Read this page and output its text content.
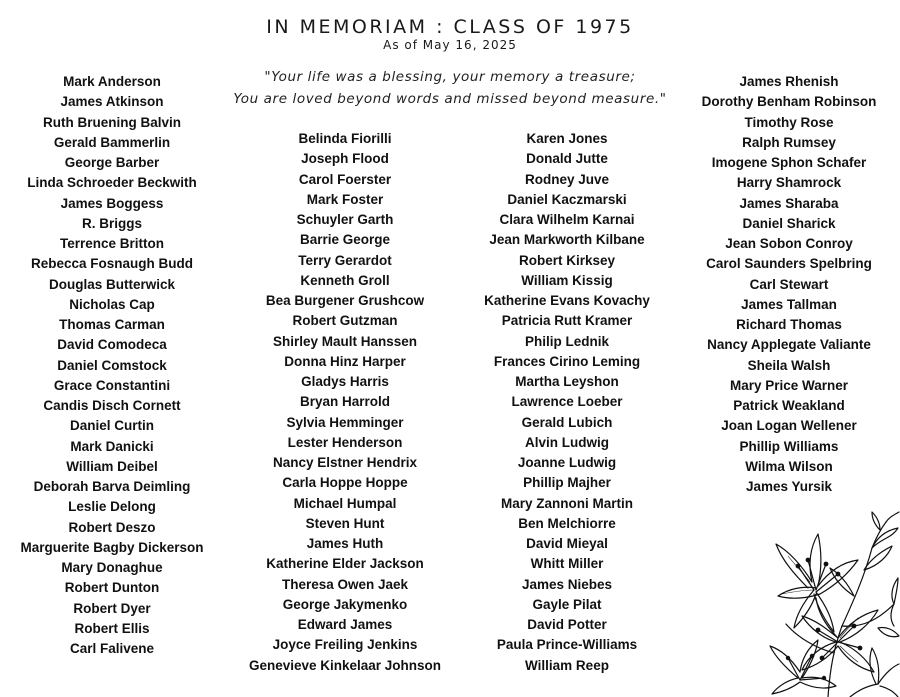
IN MEMORIAM : CLASS OF 1975
As of May 16, 2025
"Your life was a blessing, your memory a treasure;
You are loved beyond words and missed beyond measure."
Mark Anderson
James Atkinson
Ruth Bruening Balvin
Gerald Bammerlin
George Barber
Linda Schroeder Beckwith
James Boggess
R. Briggs
Terrence Britton
Rebecca Fosnaugh Budd
Douglas Butterwick
Nicholas Cap
Thomas Carman
David Comodeca
Daniel Comstock
Grace Constantini
Candis Disch Cornett
Daniel Curtin
Mark Danicki
William Deibel
Deborah Barva Deimling
Leslie Delong
Robert Deszo
Marguerite Bagby Dickerson
Mary Donaghue
Robert Dunton
Robert Dyer
Robert Ellis
Carl Falivene
Belinda Fiorilli
Joseph Flood
Carol Foerster
Mark Foster
Schuyler Garth
Barrie George
Terry Gerardot
Kenneth Groll
Bea Burgener Grushcow
Robert Gutzman
Shirley Mault Hanssen
Donna Hinz Harper
Gladys Harris
Bryan Harrold
Sylvia Hemminger
Lester Henderson
Nancy Elstner Hendrix
Carla Hoppe Hoppe
Michael Humpal
Steven Hunt
James Huth
Katherine Elder Jackson
Theresa Owen Jaek
George Jakymenko
Edward James
Joyce Freiling Jenkins
Genevieve Kinkelaar Johnson
Karen Jones
Donald Jutte
Rodney Juve
Daniel Kaczmarski
Clara Wilhelm Karnai
Jean Markworth Kilbane
Robert Kirksey
William Kissig
Katherine Evans Kovachy
Patricia Rutt Kramer
Philip Lednik
Frances Cirino Leming
Martha Leyshon
Lawrence Loeber
Gerald Lubich
Alvin Ludwig
Joanne Ludwig
Phillip Majher
Mary Zannoni Martin
Ben Melchiorre
David Mieyal
Whitt Miller
James Niebes
Gayle Pilat
David Potter
Paula Prince-Williams
William Reep
James Rhenish
Dorothy Benham Robinson
Timothy Rose
Ralph Rumsey
Imogene Sphon Schafer
Harry Shamrock
James Sharaba
Daniel Sharick
Jean Sobon Conroy
Carol Saunders Spelbring
Carl Stewart
James Tallman
Richard Thomas
Nancy Applegate Valiante
Sheila Walsh
Mary Price Warner
Patrick Weakland
Joan Logan Wellener
Phillip Williams
Wilma Wilson
James Yursik
